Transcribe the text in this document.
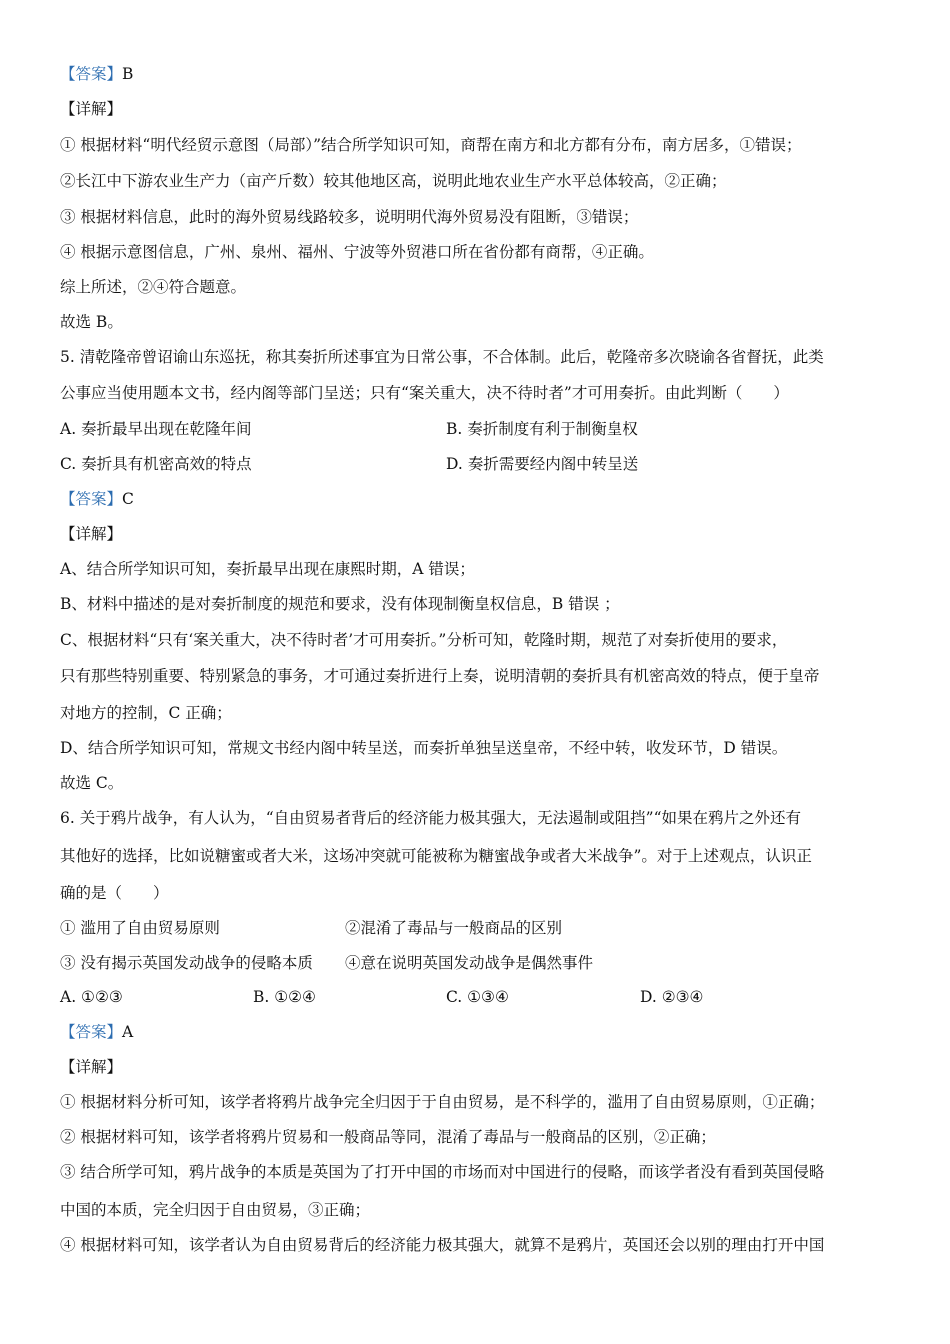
【答案】B
【详解】
① 根据材料“明代经贸示意图（局部）”结合所学知识可知，商帮在南方和北方都有分布，南方居多，①错误；
②长江中下游农业生产力（亩产斤数）较其他地区高，说明此地农业生产水平总体较高，②正确；
③ 根据材料信息，此时的海外贸易线路较多，说明明代海外贸易没有阻断，③错误；
④ 根据示意图信息，广州、泉州、福州、宁波等外贸港口所在省份都有商帮，④正确。
综上所述，②④符合题意。
故选 B。
5. 清乾隆帝曾诏谕山东巡抚，称其奏折所述事宜为日常公事，不合体制。此后，乾隆帝多次晓谕各省督抚，此类
公事应当使用题本文书，经内阁等部门呈送；只有“案关重大，决不待时者”才可用奏折。由此判断（　　）
A. 奏折最早出现在乾隆年间	B. 奏折制度有利于制衡皇权
C. 奏折具有机密高效的特点	D. 奏折需要经内阁中转呈送
【答案】C
【详解】
A、结合所学知识可知，奏折最早出现在康熙时期，A 错误；
B、材料中描述的是对奏折制度的规范和要求，没有体现制衡皇权信息，B 错误 ；
C、根据材料“只有‘案关重大，决不待时者’才可用奏折。”分析可知，乾隆时期，规范了对奏折使用的要求，
只有那些特别重要、特别紧急的事务，才可通过奏折进行上奏，说明清朝的奏折具有机密高效的特点，便于皇帝
对地方的控制，C 正确；
D、结合所学知识可知，常规文书经内阁中转呈送，而奏折单独呈送皇帝，不经中转，收发环节，D 错误。
故选 C。
6. 关于鸦片战争，有人认为，“自由贸易者背后的经济能力极其强大，无法遏制或阻挡”“如果在鸦片之外还有
其他好的选择，比如说糖蜜或者大米，这场冲突就可能被称为糖蜜战争或者大米战争”。对于上述观点，认识正
确的是（　　）
① 滥用了自由贸易原则	②混淆了毒品与一般商品的区别
③ 没有揭示英国发动战争的侵略本质 ④意在说明英国发动战争是偶然事件
A. ①②③	B. ①②④	C. ①③④	D. ②③④
【答案】A
【详解】
① 根据材料分析可知，该学者将鸦片战争完全归因于于自由贸易，是不科学的，滥用了自由贸易原则，①正确；
② 根据材料可知，该学者将鸦片贸易和一般商品等同，混淆了毒品与一般商品的区别，②正确；
③ 结合所学可知，鸦片战争的本质是英国为了打开中国的市场而对中国进行的侵略，而该学者没有看到英国侵略
中国的本质，完全归因于自由贸易，③正确；
④ 根据材料可知，该学者认为自由贸易背后的经济能力极其强大，就算不是鸦片，英国还会以别的理由打开中国
